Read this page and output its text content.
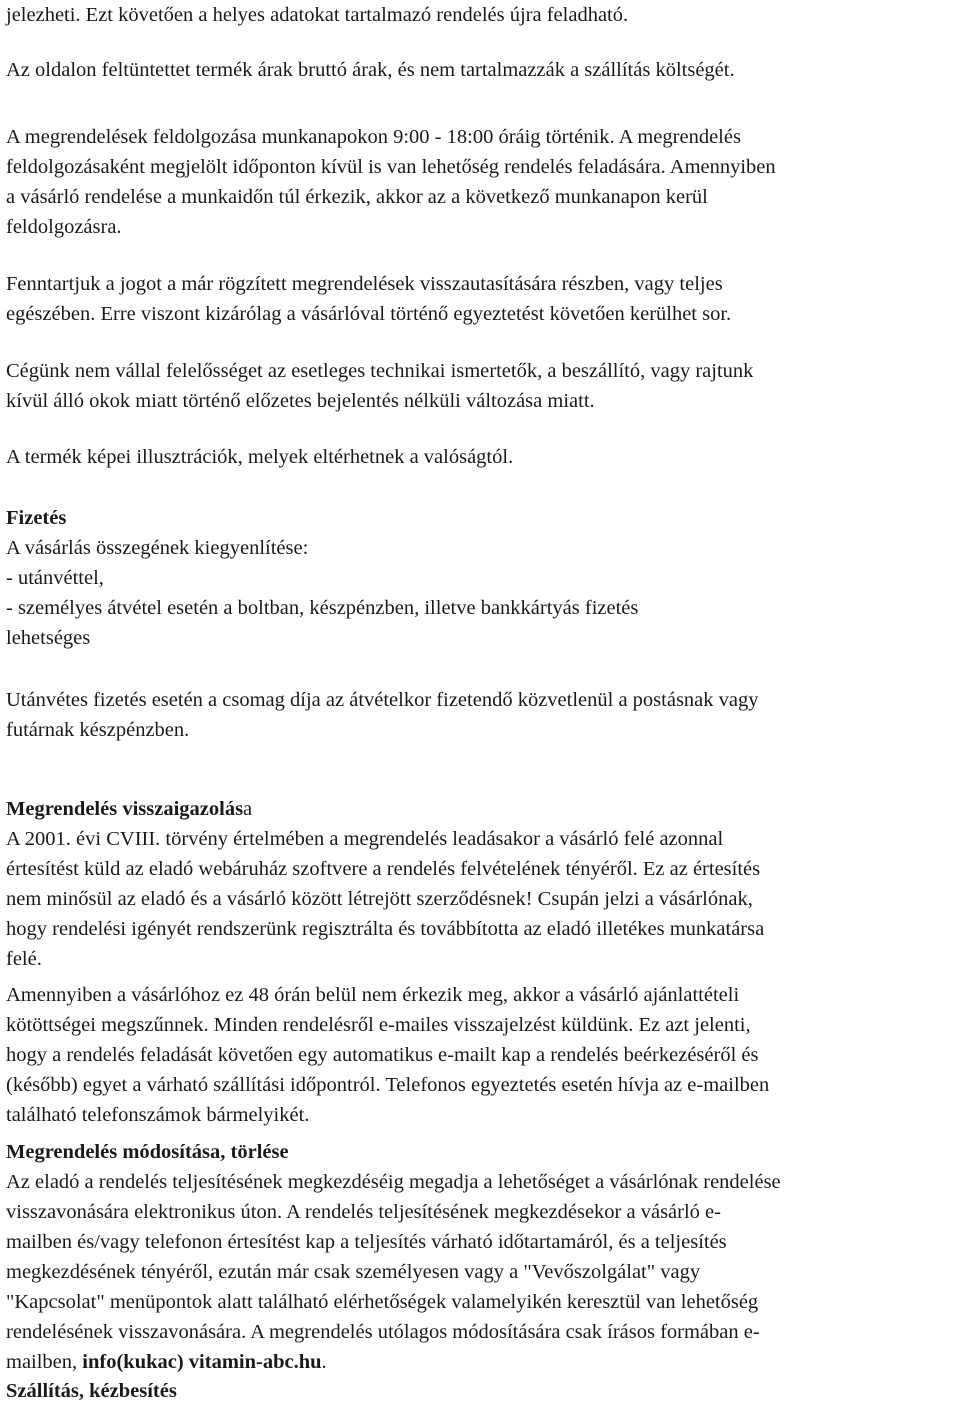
jelezheti. Ezt követően a helyes adatokat tartalmazó rendelés újra feladható.

Az oldalon feltüntettet termék árak bruttó árak, és nem tartalmazzák a szállítás költségét.

A megrendelések feldolgozása munkanapokon 9:00 - 18:00 óráig történik. A megrendelés
feldolgozásaként megjelölt időponton kívül is van lehetőség rendelés feladására. Amennyiben
a vásárló rendelése a munkaidőn túl érkezik, akkor az a következő munkanapon kerül
feldolgozásra.

Fenntartjuk a jogot a már rögzített megrendelések visszautasítására részben, vagy teljes
egészében. Erre viszont kizárólag a vásárlóval történő egyeztetést követően kerülhet sor.

Cégünk nem vállal felelősséget az esetleges technikai ismertetők, a beszállító, vagy rajtunk
kívül álló okok miatt történő előzetes bejelentés nélküli változása miatt.

A termék képei illusztrációk, melyek eltérhetnek a valóságtól.

Fizetés
A vásárlás összegének kiegyenlítése:
- utánvéttel,
- személyes átvétel esetén a boltban, készpénzben, illetve bankkártyás fizetés
lehetséges

Utánvétes fizetés esetén a csomag díja az átvételkor fizetendő közvetlenül a postásnak vagy
futárnak készpénzben.

Megrendelés visszaigazolása
A 2001. évi CVIII. törvény értelmében a megrendelés leadásakor a vásárló felé azonnal
értesítést küld az eladó webáruház szoftvere a rendelés felvételének tényéről. Ez az értesítés
nem minősül az eladó és a vásárló között létrejött szerződésnek! Csupán jelzi a vásárlónak,
hogy rendelési igényét rendszerünk regisztrálta és továbbította az eladó illetékes munkatársa
felé.

Amennyiben a vásárlóhoz ez 48 órán belül nem érkezik meg, akkor a vásárló ajánlattételi
kötöttségei megszűnnek. Minden rendelésről e-mailes visszajelzést küldünk. Ez azt jelenti,
hogy a rendelés feladását követően egy automatikus e-mailt kap a rendelés beérkezéséről és
(később) egyet a várható szállítási időpontról. Telefonos egyeztetés esetén hívja az e-mailben
található telefonszámok bármelyikét.

Megrendelés módosítása, törlése
Az eladó a rendelés teljesítésének megkezdéséig megadja a lehetőséget a vásárlónak rendelése
visszavonására elektronikus úton. A rendelés teljesítésének megkezdésekor a vásárló e-
mailben és/vagy telefonon értesítést kap a teljesítés várható időtartamáról, és a teljesítés
megkezdésének tényéről, ezután már csak személyesen vagy a "Vevőszolgálat" vagy
"Kapcsolat" menüpontok alatt található elérhetőségek valamelyikén keresztül van lehetőség
rendelésének visszavonására. A megrendelés utólagos módosítására csak írásos formában e-
mailben, info(kukac) vitamin-abc.hu.

Szállítás, kézbesítés
